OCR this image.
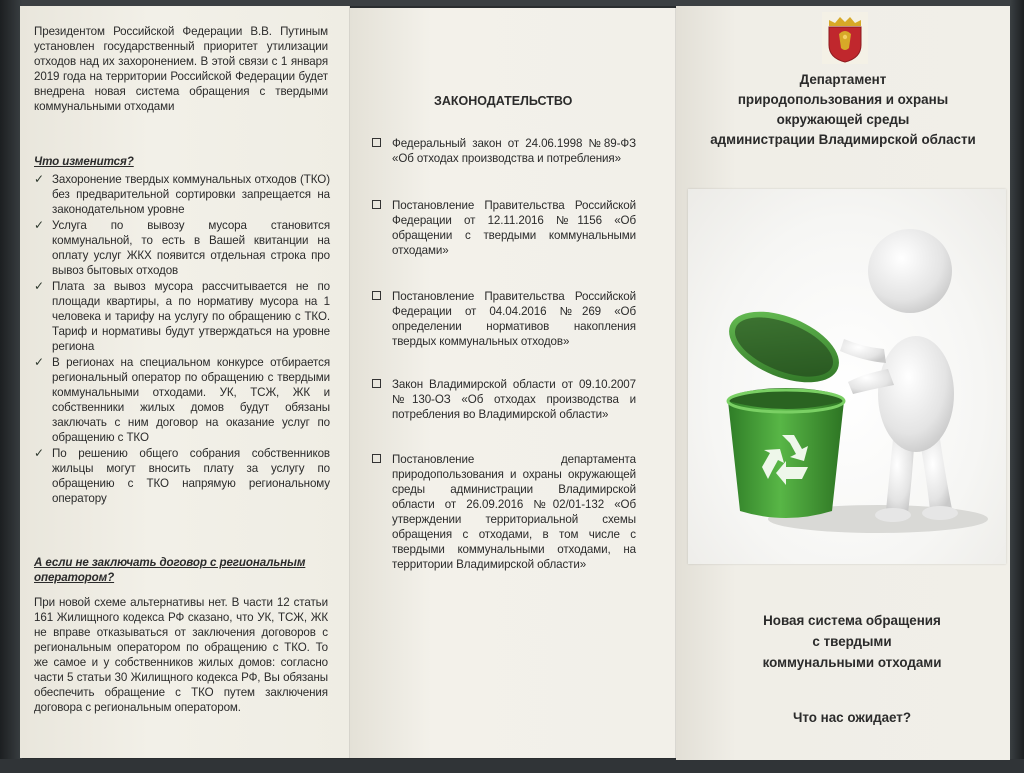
Президентом Российской Федерации В.В. Путиным установлен государственный приоритет утилизации отходов над их захоронением. В этой связи с 1 января 2019 года на территории Российской Федерации будет внедрена новая система обращения с твердыми коммунальными отходами
Что изменится?
✓ Захоронение твердых коммунальных отходов (ТКО) без предварительной сортировки запрещается на законодательном уровне
✓ Услуга по вывозу мусора становится коммунальной, то есть в Вашей квитанции на оплату услуг ЖКХ появится отдельная строка про вывоз бытовых отходов
✓ Плата за вывоз мусора рассчитывается не по площади квартиры, а по нормативу мусора на 1 человека и тарифу на услугу по обращению с ТКО. Тариф и нормативы будут утверждаться на уровне региона
✓ В регионах на специальном конкурсе отбирается региональный оператор по обращению с твердыми коммунальными отходами. УК, ТСЖ, ЖК и собственники жилых домов будут обязаны заключать с ним договор на оказание услуг по обращению с ТКО
✓ По решению общего собрания собственников жильцы могут вносить плату за услугу по обращению с ТКО напрямую региональному оператору
А если не заключать договор с региональным оператором?
При новой схеме альтернативы нет. В части 12 статьи 161 Жилищного кодекса РФ сказано, что УК, ТСЖ, ЖК не вправе отказываться от заключения договоров с региональным оператором по обращению с ТКО. То же самое и у собственников жилых домов: согласно части 5 статьи 30 Жилищного кодекса РФ, Вы обязаны обеспечить обращение с ТКО путем заключения договора с региональным оператором.
ЗАКОНОДАТЕЛЬСТВО
Федеральный закон от 24.06.1998 №89-ФЗ «Об отходах производства и потребления»
Постановление Правительства Российской Федерации от 12.11.2016 №1156 «Об обращении с твердыми коммунальными отходами»
Постановление Правительства Российской Федерации от 04.04.2016 №269 «Об определении нормативов накопления твердых коммунальных отходов»
Закон Владимирской области от 09.10.2007 №130-ОЗ «Об отходах производства и потребления во Владимирской области»
Постановление департамента природопользования и охраны окружающей среды администрации Владимирской области от 26.09.2016 №02/01-132 «Об утверждении территориальной схемы обращения с отходами, в том числе с твердыми коммунальными отходами, на территории Владимирской области»
Департамент
природопользования и охраны
окружающей среды
администрации Владимирской области
Новая система обращения
с твердыми
коммунальными отходами
Что нас ожидает?
